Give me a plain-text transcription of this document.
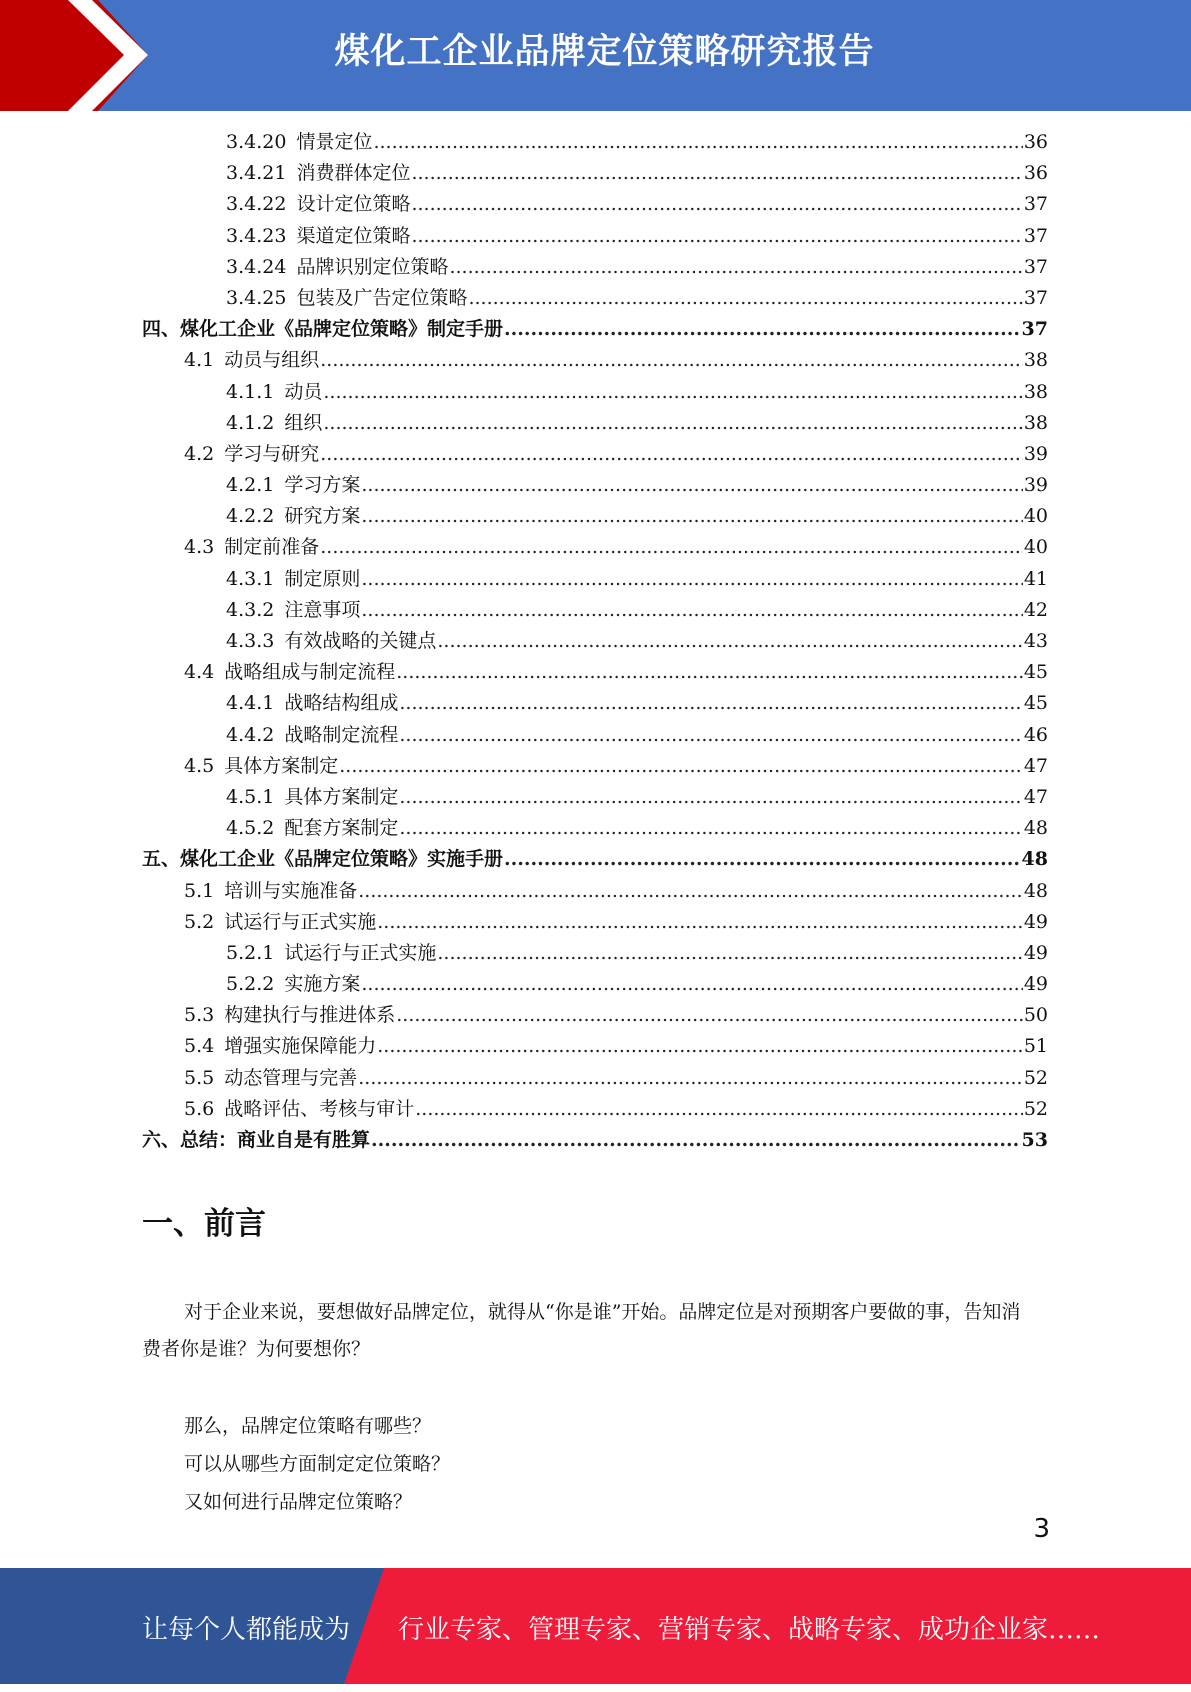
煤化工企业品牌定位策略研究报告
3.4.20 情景定位 .....	36
3.4.21 消费群体定位 .....	36
3.4.22 设计定位策略 .....	37
3.4.23 渠道定位策略 .....	37
3.4.24 品牌识别定位策略 .....	37
3.4.25 包装及广告定位策略 .....	37
四、煤化工企业《品牌定位策略》制定手册 .....	37
4.1 动员与组织 .....	38
4.1.1 动员 .....	38
4.1.2 组织 .....	38
4.2 学习与研究 .....	39
4.2.1 学习方案 .....	39
4.2.2 研究方案 .....	40
4.3 制定前准备 .....	40
4.3.1 制定原则 .....	41
4.3.2 注意事项 .....	42
4.3.3 有效战略的关键点 .....	43
4.4 战略组成与制定流程 .....	45
4.4.1 战略结构组成 .....	45
4.4.2 战略制定流程 .....	46
4.5 具体方案制定 .....	47
4.5.1 具体方案制定 .....	47
4.5.2 配套方案制定 .....	48
五、煤化工企业《品牌定位策略》实施手册 .....	48
5.1 培训与实施准备 .....	48
5.2 试运行与正式实施 .....	49
5.2.1 试运行与正式实施 .....	49
5.2.2 实施方案 .....	49
5.3 构建执行与推进体系 .....	50
5.4 增强实施保障能力 .....	51
5.5 动态管理与完善 .....	52
5.6 战略评估、考核与审计 .....	52
六、总结：商业自是有胜算 .....	53
一、前言

对于企业来说，要想做好品牌定位，就得从“你是谁”开始。品牌定位是对预期客户要做的事，告知消费者你是谁？为何要想你？

那么，品牌定位策略有哪些？

可以从哪些方面制定定位策略？

又如何进行品牌定位策略？

3
让每个人都能成为 行业专家、管理专家、营销专家、战略专家、成功企业家……
